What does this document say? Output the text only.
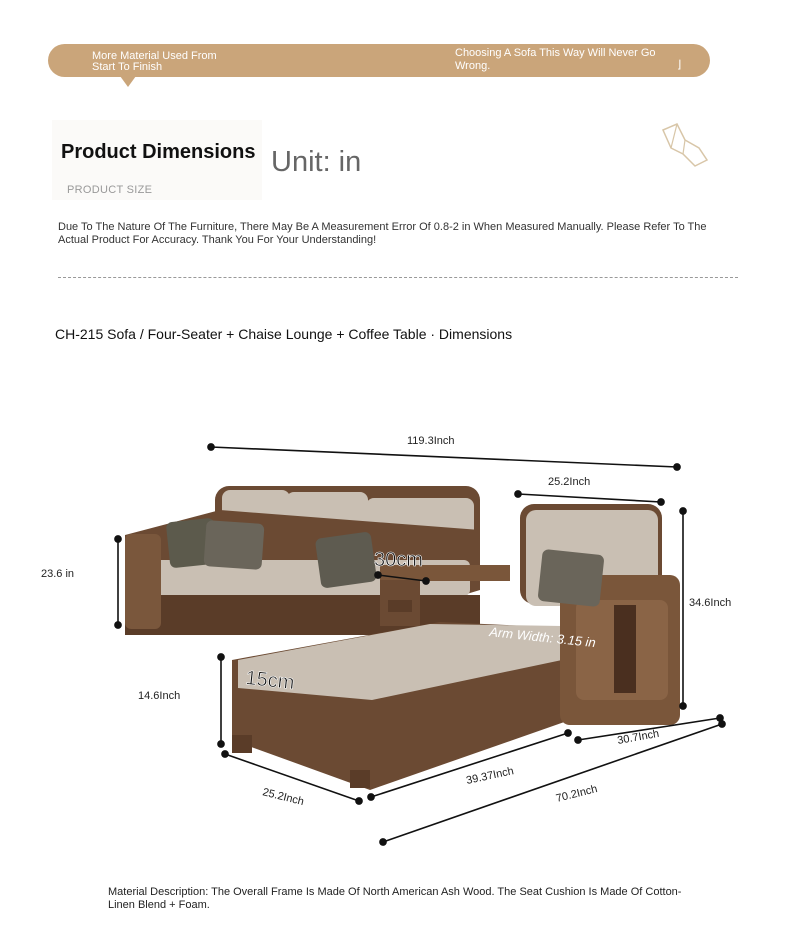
More Material Used From Start To Finish
Choosing A Sofa This Way Will Never Go Wrong.	⌋
Product Dimensions Unit: in
PRODUCT SIZE
Due To The Nature Of The Furniture, There May Be A Measurement Error Of 0.8-2 in When Measured Manually. Please Refer To The Actual Product For Accuracy. Thank You For Your Understanding!
CH-215 Sofa / Four-Seater + Chaise Lounge + Coffee Table · Dimensions
119.3Inch
25.2Inch
23.6 in
34.6Inch
30cm
Arm Width: 3.15 in
14.6Inch
15cm
25.2Inch
39.37Inch
30.7Inch
70.2Inch
Material Description: The Overall Frame Is Made Of North American Ash Wood. The Seat Cushion Is Made Of Cotton-Linen Blend + Foam.
